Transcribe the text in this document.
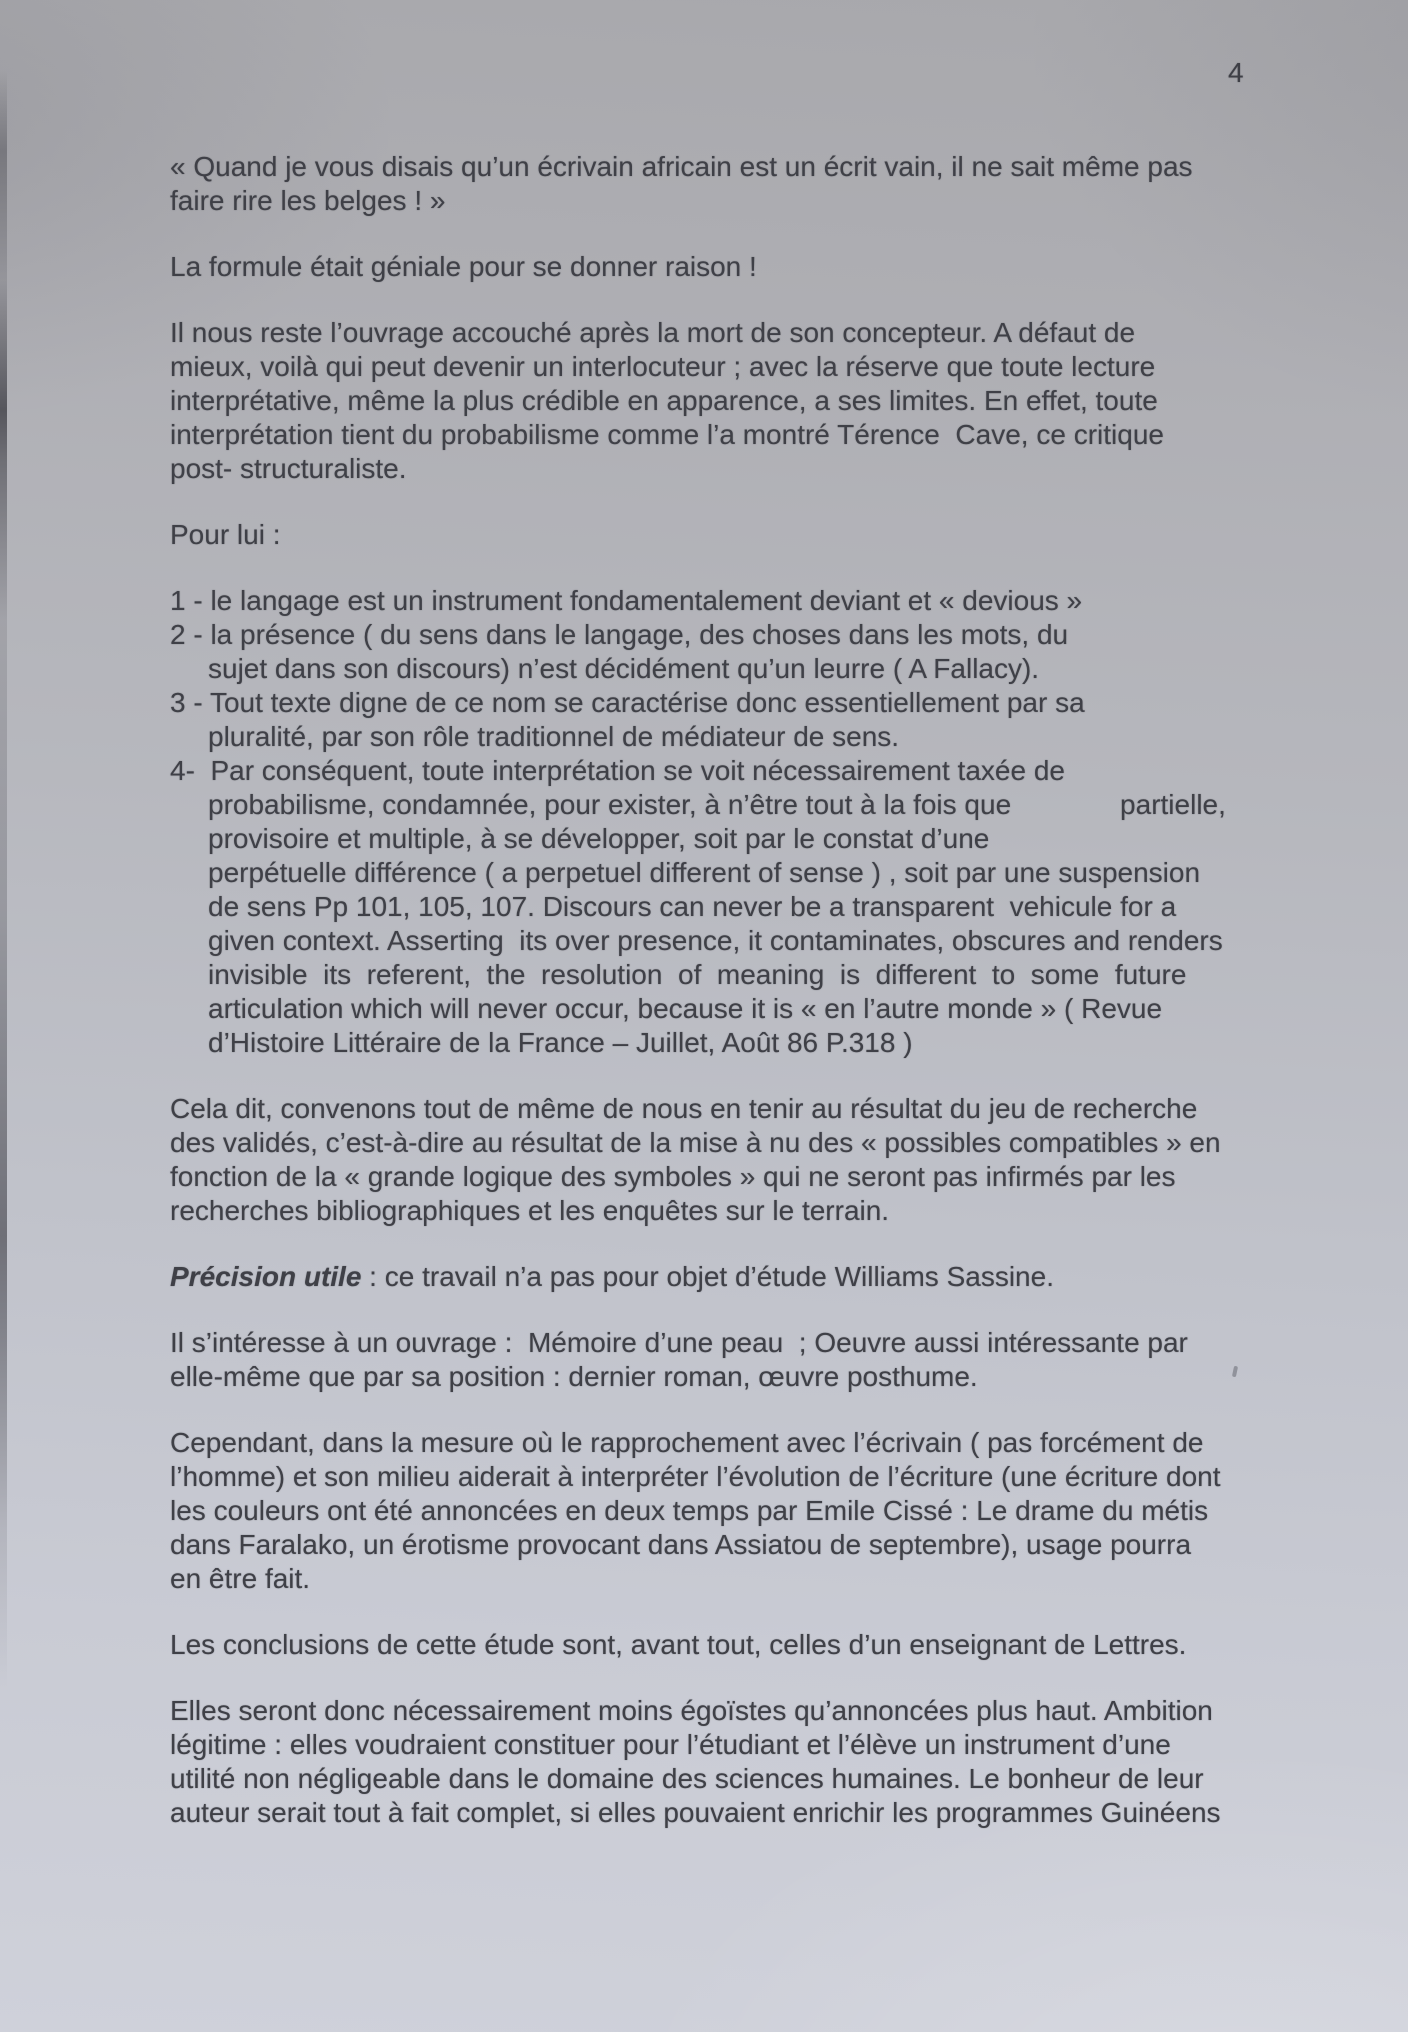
4
« Quand je vous disais qu’un écrivain africain est un écrit vain, il ne sait même pas
faire rire les belges ! »
La formule était géniale pour se donner raison !
Il nous reste l’ouvrage accouché après la mort de son concepteur. A défaut de
mieux, voilà qui peut devenir un interlocuteur ; avec la réserve que toute lecture
interprétative, même la plus crédible en apparence, a ses limites. En effet, toute
interprétation tient du probabilisme comme l’a montré Térence  Cave, ce critique
post- structuraliste.
Pour lui :
1 - le langage est un instrument fondamentalement deviant et « devious »
2 - la présence ( du sens dans le langage, des choses dans les mots, du
sujet dans son discours) n’est décidément qu’un leurre ( A Fallacy).
3 - Tout texte digne de ce nom se caractérise donc essentiellement par sa
pluralité, par son rôle traditionnel de médiateur de sens.
4-  Par conséquent, toute interprétation se voit nécessairement taxée de
probabilisme, condamnée, pour exister, à n’être tout à la fois que              partielle,
provisoire et multiple, à se développer, soit par le constat d’une
perpétuelle différence ( a perpetuel different of sense ) , soit par une suspension
de sens Pp 101, 105, 107. Discours can never be a transparent  vehicule for a
given context. Asserting  its over presence, it contaminates, obscures and renders
invisible  its  referent,  the  resolution  of  meaning  is  different  to  some  future
articulation which will never occur, because it is « en l’autre monde » ( Revue
d’Histoire Littéraire de la France – Juillet, Août 86 P.318 )
Cela dit, convenons tout de même de nous en tenir au résultat du jeu de recherche
des validés, c’est-à-dire au résultat de la mise à nu des « possibles compatibles » en
fonction de la « grande logique des symboles » qui ne seront pas infirmés par les
recherches bibliographiques et les enquêtes sur le terrain.
Précision utile : ce travail n’a pas pour objet d’étude Williams Sassine.
Il s’intéresse à un ouvrage :  Mémoire d’une peau  ; Oeuvre aussi intéressante par
elle-même que par sa position : dernier roman, œuvre posthume.
Cependant, dans la mesure où le rapprochement avec l’écrivain ( pas forcément de
l’homme) et son milieu aiderait à interpréter l’évolution de l’écriture (une écriture dont
les couleurs ont été annoncées en deux temps par Emile Cissé : Le drame du métis
dans Faralako, un érotisme provocant dans Assiatou de septembre), usage pourra
en être fait.
Les conclusions de cette étude sont, avant tout, celles d’un enseignant de Lettres.
Elles seront donc nécessairement moins égoïstes qu’annoncées plus haut. Ambition
légitime : elles voudraient constituer pour l’étudiant et l’élève un instrument d’une
utilité non négligeable dans le domaine des sciences humaines. Le bonheur de leur
auteur serait tout à fait complet, si elles pouvaient enrichir les programmes Guinéens
